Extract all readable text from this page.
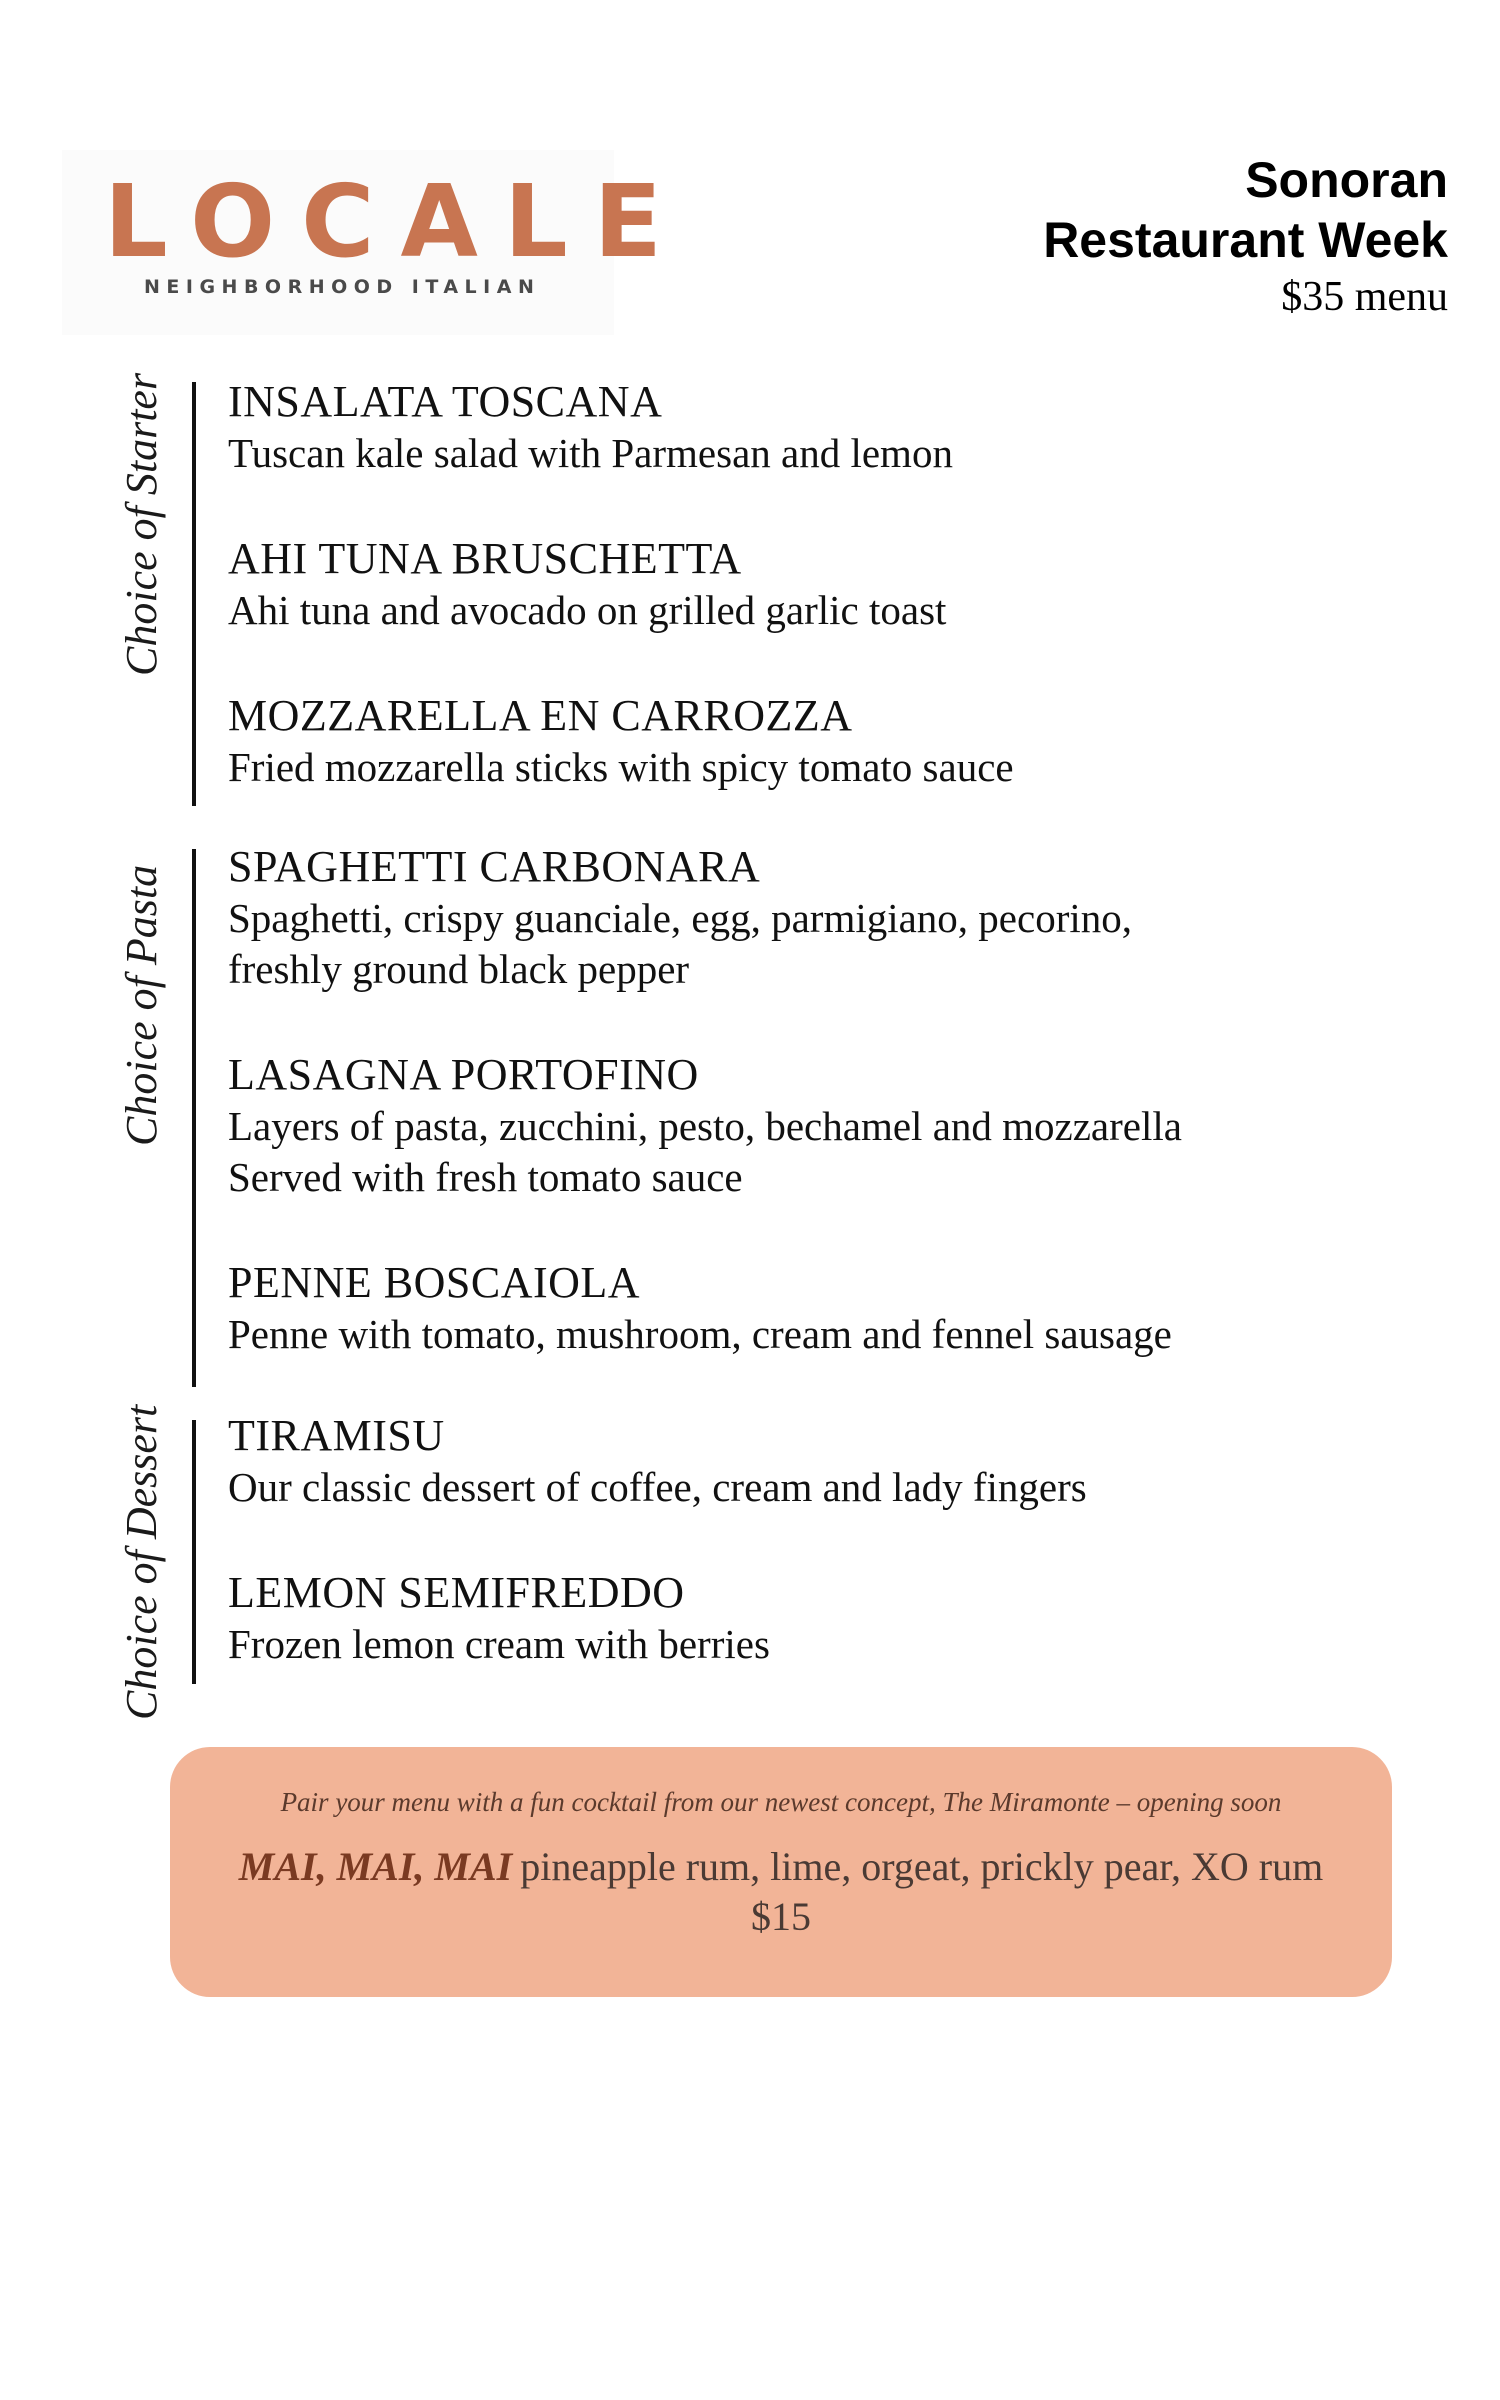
LOCALE
NEIGHBORHOOD ITALIAN
Sonoran
Restaurant Week
$35 menu
Choice of Starter INSALATA TOSCANA
Tuscan kale salad with Parmesan and lemon
AHI TUNA BRUSCHETTA
Ahi tuna and avocado on grilled garlic toast
MOZZARELLA EN CARROZZA
Fried mozzarella sticks with spicy tomato sauce
Choice of Pasta SPAGHETTI CARBONARA
Spaghetti, crispy guanciale, egg, parmigiano, pecorino,
freshly ground black pepper
LASAGNA PORTOFINO
Layers of pasta, zucchini, pesto, bechamel and mozzarella
Served with fresh tomato sauce
PENNE BOSCAIOLA
Penne with tomato, mushroom, cream and fennel sausage
Choice of Dessert TIRAMISU
Our classic dessert of coffee, cream and lady fingers
LEMON SEMIFREDDO
Frozen lemon cream with berries
Pair your menu with a fun cocktail from our newest concept, The Miramonte – opening soon
MAI, MAI, MAI pineapple rum, lime, orgeat, prickly pear, XO rum
$15
